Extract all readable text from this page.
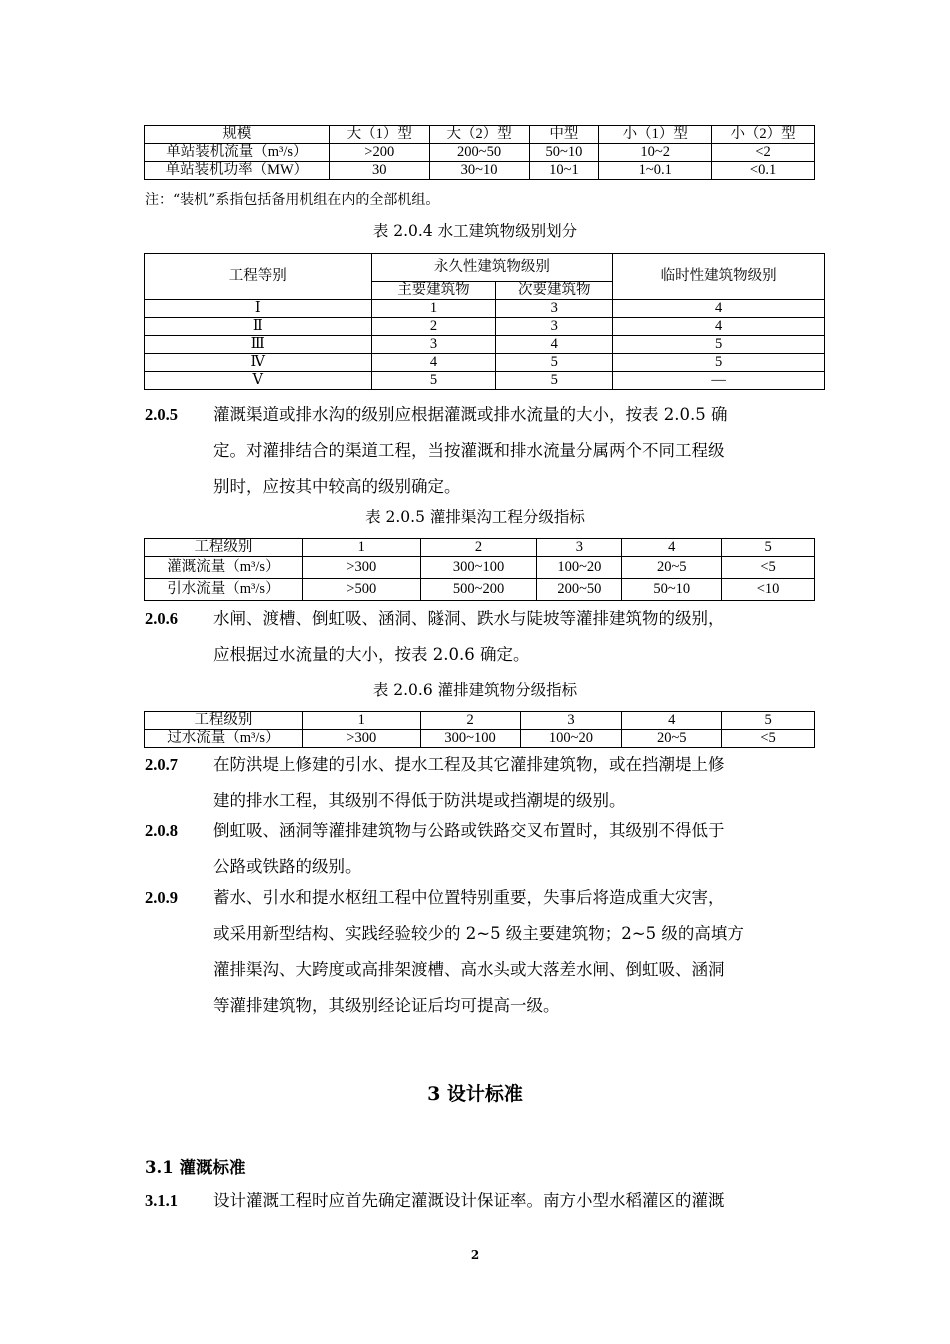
规模	大（1）型	大（2）型	中型	小（1）型	小（2）型
单站装机流量（m³/s）	>200	200~50	50~10	10~2	<2
单站装机功率（MW）	30	30~10	10~1	1~0.1	<0.1
注：“装机”系指包括备用机组在内的全部机组。
表 2.0.4 水工建筑物级别划分
工程等别	永久性建筑物级别		临时性建筑物级别
	主要建筑物	次要建筑物	
Ⅰ	1	3	4
Ⅱ	2	3	4
Ⅲ	3	4	5
Ⅳ	4	5	5
Ⅴ	5	5	—
2.0.5 灌溉渠道或排水沟的级别应根据灌溉或排水流量的大小，按表 2.0.5 确
定。对灌排结合的渠道工程，当按灌溉和排水流量分属两个不同工程级
别时，应按其中较高的级别确定。
表 2.0.5 灌排渠沟工程分级指标
工程级别	1	2	3	4	5
灌溉流量（m³/s）	>300	300~100	100~20	20~5	<5
引水流量（m³/s）	>500	500~200	200~50	50~10	<10
2.0.6 水闸、渡槽、倒虹吸、涵洞、隧洞、跌水与陡坡等灌排建筑物的级别，
应根据过水流量的大小，按表 2.0.6 确定。
表 2.0.6 灌排建筑物分级指标
工程级别	1	2	3	4	5
过水流量（m³/s）	>300	300~100	100~20	20~5	<5
2.0.7 在防洪堤上修建的引水、提水工程及其它灌排建筑物，或在挡潮堤上修
建的排水工程，其级别不得低于防洪堤或挡潮堤的级别。
2.0.8 倒虹吸、涵洞等灌排建筑物与公路或铁路交叉布置时，其级别不得低于
公路或铁路的级别。
2.0.9 蓄水、引水和提水枢纽工程中位置特别重要，失事后将造成重大灾害，
或采用新型结构、实践经验较少的 2~5 级主要建筑物；2~5 级的高填方
灌排渠沟、大跨度或高排架渡槽、高水头或大落差水闸、倒虹吸、涵洞
等灌排建筑物，其级别经论证后均可提高一级。
3 设计标准
3.1 灌溉标准
3.1.1 设计灌溉工程时应首先确定灌溉设计保证率。南方小型水稻灌区的灌溉
2
